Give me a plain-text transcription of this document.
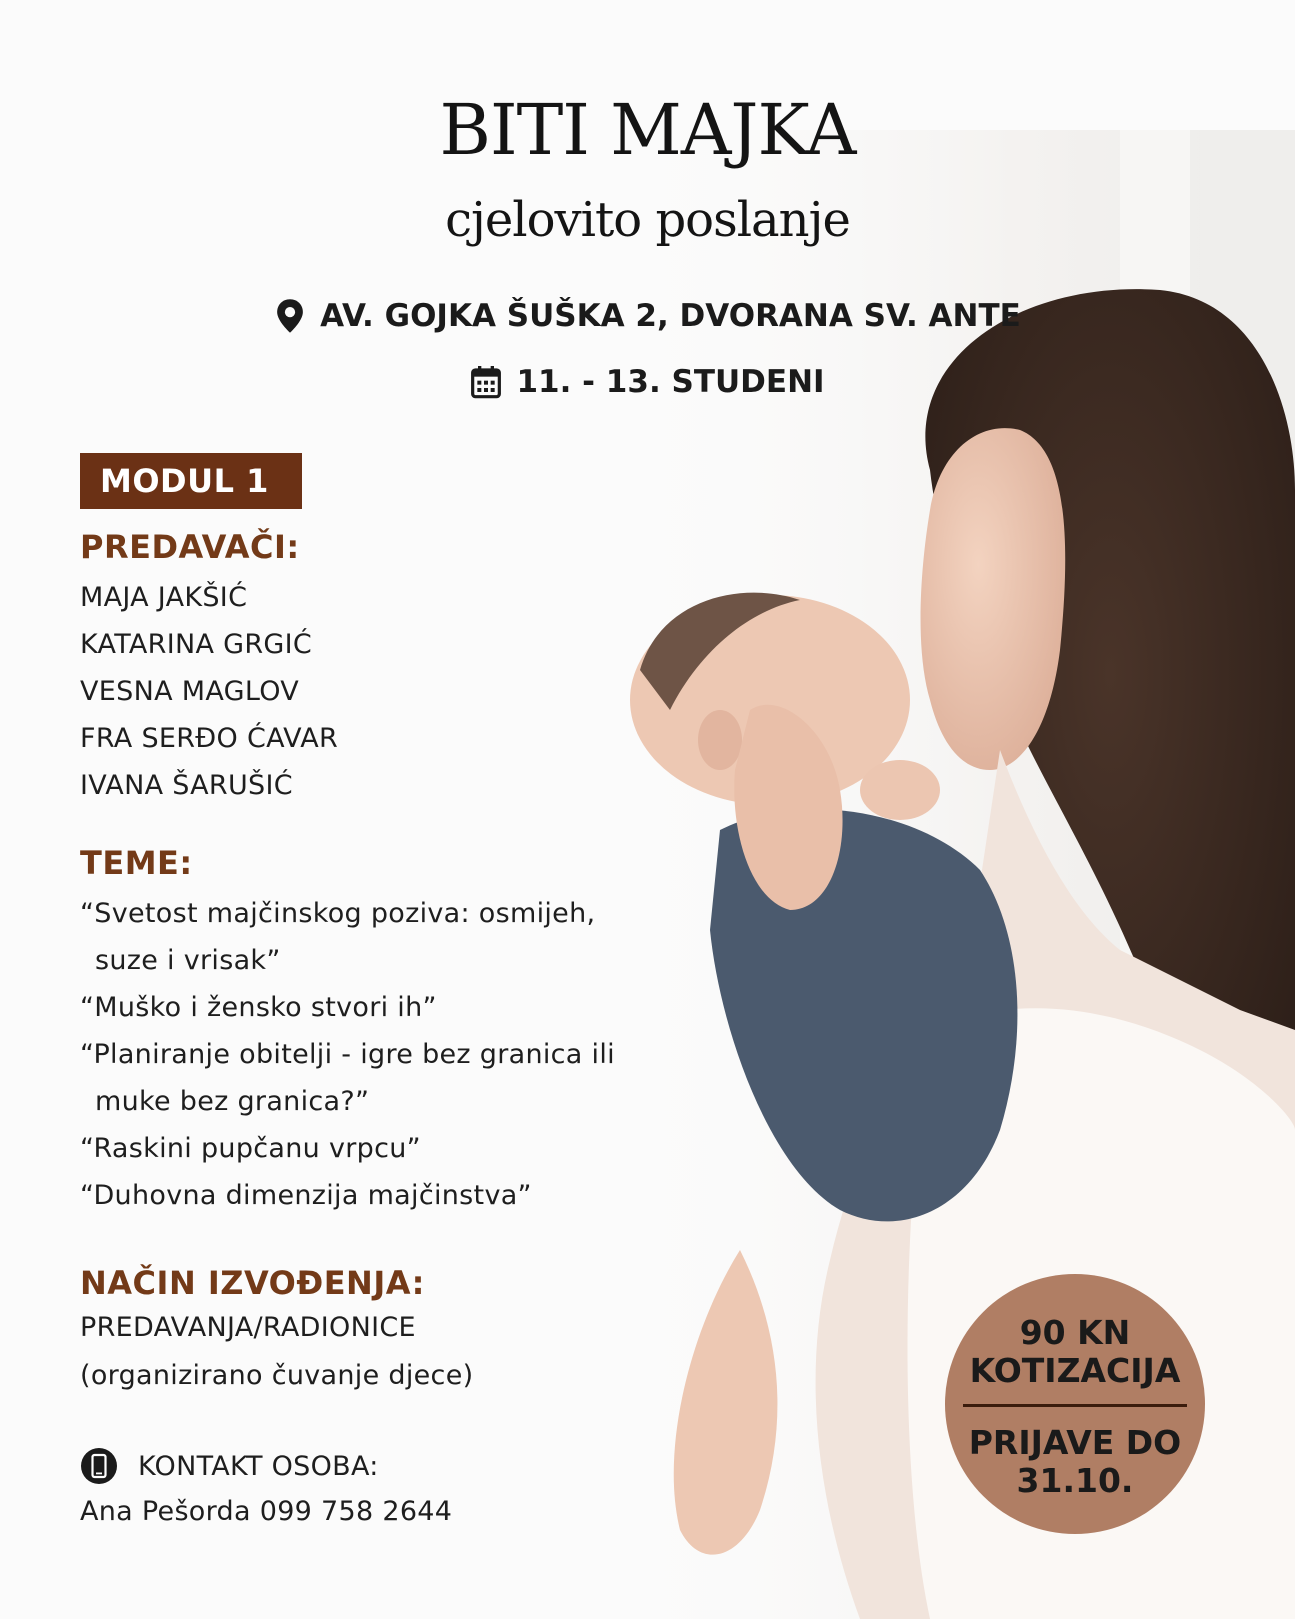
BITI MAJKA
cjelovito poslanje
AV. GOJKA ŠUŠKA 2, DVORANA SV. ANTE
11. - 13. STUDENI
MODUL 1
PREDAVAČI:
MAJA JAKŠIĆ
KATARINA GRGIĆ
VESNA MAGLOV
FRA SERĐO ĆAVAR
IVANA ŠARUŠIĆ
TEME:
“Svetost majčinskog poziva: osmijeh,
suze i vrisak”
“Muško i žensko stvori ih”
“Planiranje obitelji - igre bez granica ili
muke bez granica?”
“Raskini pupčanu vrpcu”
“Duhovna dimenzija majčinstva”
NAČIN IZVOĐENJA:
PREDAVANJA/RADIONICE
(organizirano čuvanje djece)
KONTAKT OSOBA:
Ana Pešorda 099 758 2644
90 KN
KOTIZACIJA
PRIJAVE DO
31.10.
